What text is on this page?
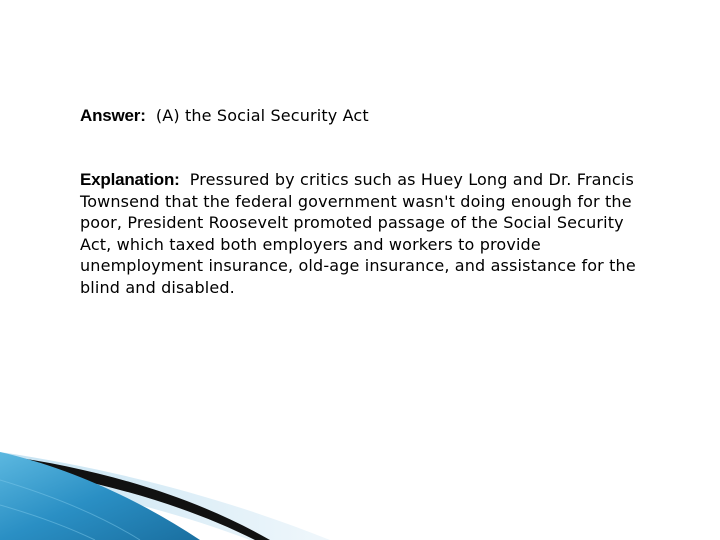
Answer: (A) the Social Security Act

Explanation: Pressured by critics such as Huey Long and Dr. Francis Townsend that the federal government wasn't doing enough for the poor, President Roosevelt promoted passage of the Social Security Act, which taxed both employers and workers to provide unemployment insurance, old-age insurance, and assistance for the blind and disabled.
